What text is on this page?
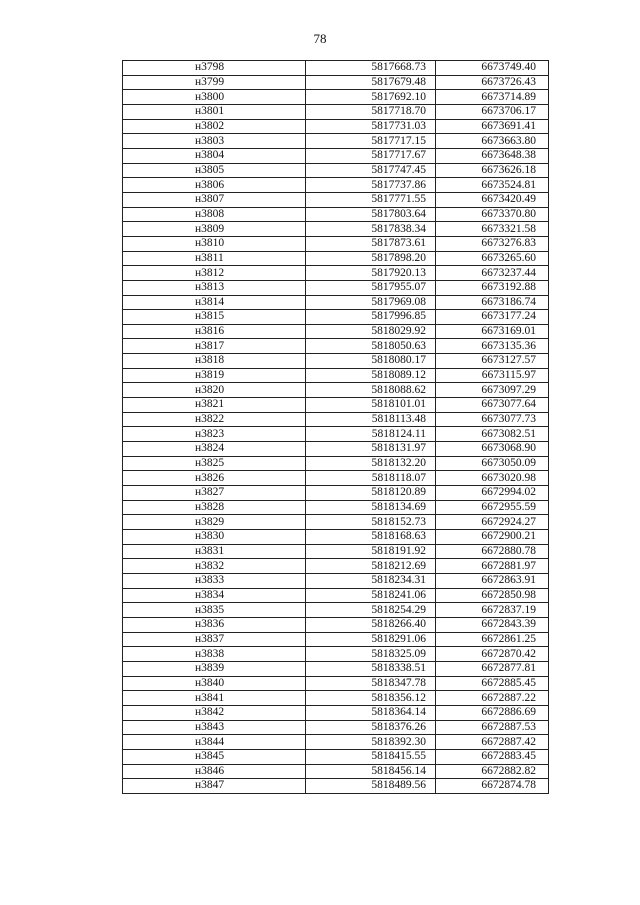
78
н3798	5817668.73	6673749.40
н3799	5817679.48	6673726.43
н3800	5817692.10	6673714.89
н3801	5817718.70	6673706.17
н3802	5817731.03	6673691.41
н3803	5817717.15	6673663.80
н3804	5817717.67	6673648.38
н3805	5817747.45	6673626.18
н3806	5817737.86	6673524.81
н3807	5817771.55	6673420.49
н3808	5817803.64	6673370.80
н3809	5817838.34	6673321.58
н3810	5817873.61	6673276.83
н3811	5817898.20	6673265.60
н3812	5817920.13	6673237.44
н3813	5817955.07	6673192.88
н3814	5817969.08	6673186.74
н3815	5817996.85	6673177.24
н3816	5818029.92	6673169.01
н3817	5818050.63	6673135.36
н3818	5818080.17	6673127.57
н3819	5818089.12	6673115.97
н3820	5818088.62	6673097.29
н3821	5818101.01	6673077.64
н3822	5818113.48	6673077.73
н3823	5818124.11	6673082.51
н3824	5818131.97	6673068.90
н3825	5818132.20	6673050.09
н3826	5818118.07	6673020.98
н3827	5818120.89	6672994.02
н3828	5818134.69	6672955.59
н3829	5818152.73	6672924.27
н3830	5818168.63	6672900.21
н3831	5818191.92	6672880.78
н3832	5818212.69	6672881.97
н3833	5818234.31	6672863.91
н3834	5818241.06	6672850.98
н3835	5818254.29	6672837.19
н3836	5818266.40	6672843.39
н3837	5818291.06	6672861.25
н3838	5818325.09	6672870.42
н3839	5818338.51	6672877.81
н3840	5818347.78	6672885.45
н3841	5818356.12	6672887.22
н3842	5818364.14	6672886.69
н3843	5818376.26	6672887.53
н3844	5818392.30	6672887.42
н3845	5818415.55	6672883.45
н3846	5818456.14	6672882.82
н3847	5818489.56	6672874.78
